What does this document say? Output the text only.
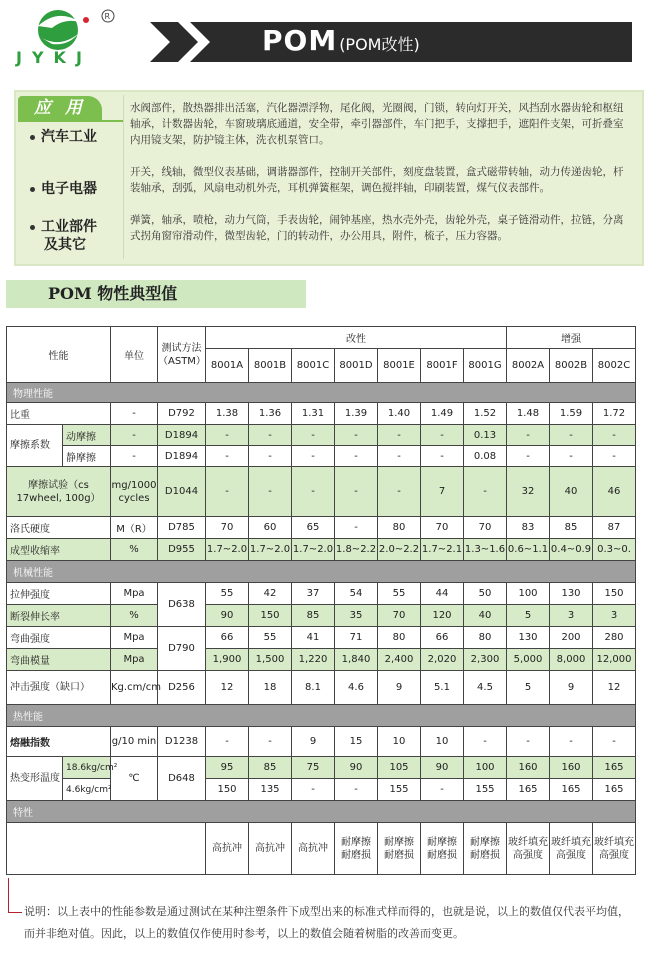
R
JYKJ
POM (POM改性)
应 用
汽车工业
水阀部件，散热器排出活塞，汽化器漂浮物，尾化阀，光圈阀，门锁，转向灯开关，风挡刮水器齿轮和枢纽轴承，计数器齿轮，车窗玻璃底通道，安全带，牵引器部件，车门把手，支撑把手，遮阳件支架，可折叠室内用镜支架，防护镜主体，洗衣机泵管口。
电子电器
开关，线轴，微型仪表基础，调谐器部件，控制开关部件，刻度盘装置，盒式磁带转轴，动力传递齿轮，杆装轴承，刮弧，风扇电动机外壳，耳机弹簧框架，调色搅拌轴，印刷装置，煤气仪表部件。
工业部件
及其它
弹簧，轴承，喷枪，动力气筒，手表齿轮，闹钟基座，热水壳外壳，齿轮外壳，桌子链滑动件，拉链，分离式拐角窗帘滑动件，微型齿轮，门的转动件，办公用具，附件，梳子，压力容器。
POM 物性典型值
性能		单位	测试方法（ASTM）	改性							增强		
				8001A	8001B	8001C	8001D	8001E	8001F	8001G	8002A	8002B	8002C
物理性能													
比重		-	D792	1.38	1.36	1.31	1.39	1.40	1.49	1.52	1.48	1.59	1.72
摩擦系数	动摩擦	-	D1894	-	-	-	-	-	-	0.13	-	-	-
	静摩擦	-	D1894	-	-	-	-	-	-	0.08	-	-	-
摩擦试验（cs 17wheel, 100g）		mg/1000 cycles	D1044	-	-	-	-	-	7	-	32	40	46
洛氏硬度		M（R）	D785	70	60	65	-	80	70	70	83	85	87
成型收缩率		%	D955	1.7~2.0	1.7~2.0	1.7~2.0	1.8~2.2	2.0~2.2	1.7~2.1	1.3~1.6	0.6~1.1	0.4~0.9	0.3~0.
机械性能													
拉伸强度		Mpa	D638	55	42	37	54	55	44	50	100	130	150
断裂伸长率		%		90	150	85	35	70	120	40	5	3	3
弯曲强度		Mpa	D790	66	55	41	71	80	66	80	130	200	280
弯曲模量		Mpa		1,900	1,500	1,220	1,840	2,400	2,020	2,300	5,000	8,000	12,000
冲击强度（缺口）		Kg.cm/cm	D256	12	18	8.1	4.6	9	5.1	4.5	5	9	12
热性能													
熔融指数		g/10 min	D1238	-	-	9	15	10	10	-	-	-	-
热变形温度	18.6kg/cm²	℃	D648	95	85	75	90	105	90	100	160	160	165
	4.6kg/cm²			150	135	-	-	155	-	155	165	165	165
特性													
				高抗冲	高抗冲	高抗冲	耐摩擦 耐磨损	耐摩擦 耐磨损	耐摩擦 耐磨损	耐摩擦 耐磨损	玻纤填充 高强度	玻纤填充 高强度	玻纤填充 高强度
说明：以上表中的性能参数是通过测试在某种注塑条件下成型出来的标准式样而得的，也就是说，以上的数值仅代表平均值，而并非绝对值。因此，以上的数值仅作使用时参考，以上的数值会随着树脂的改善而变更。
